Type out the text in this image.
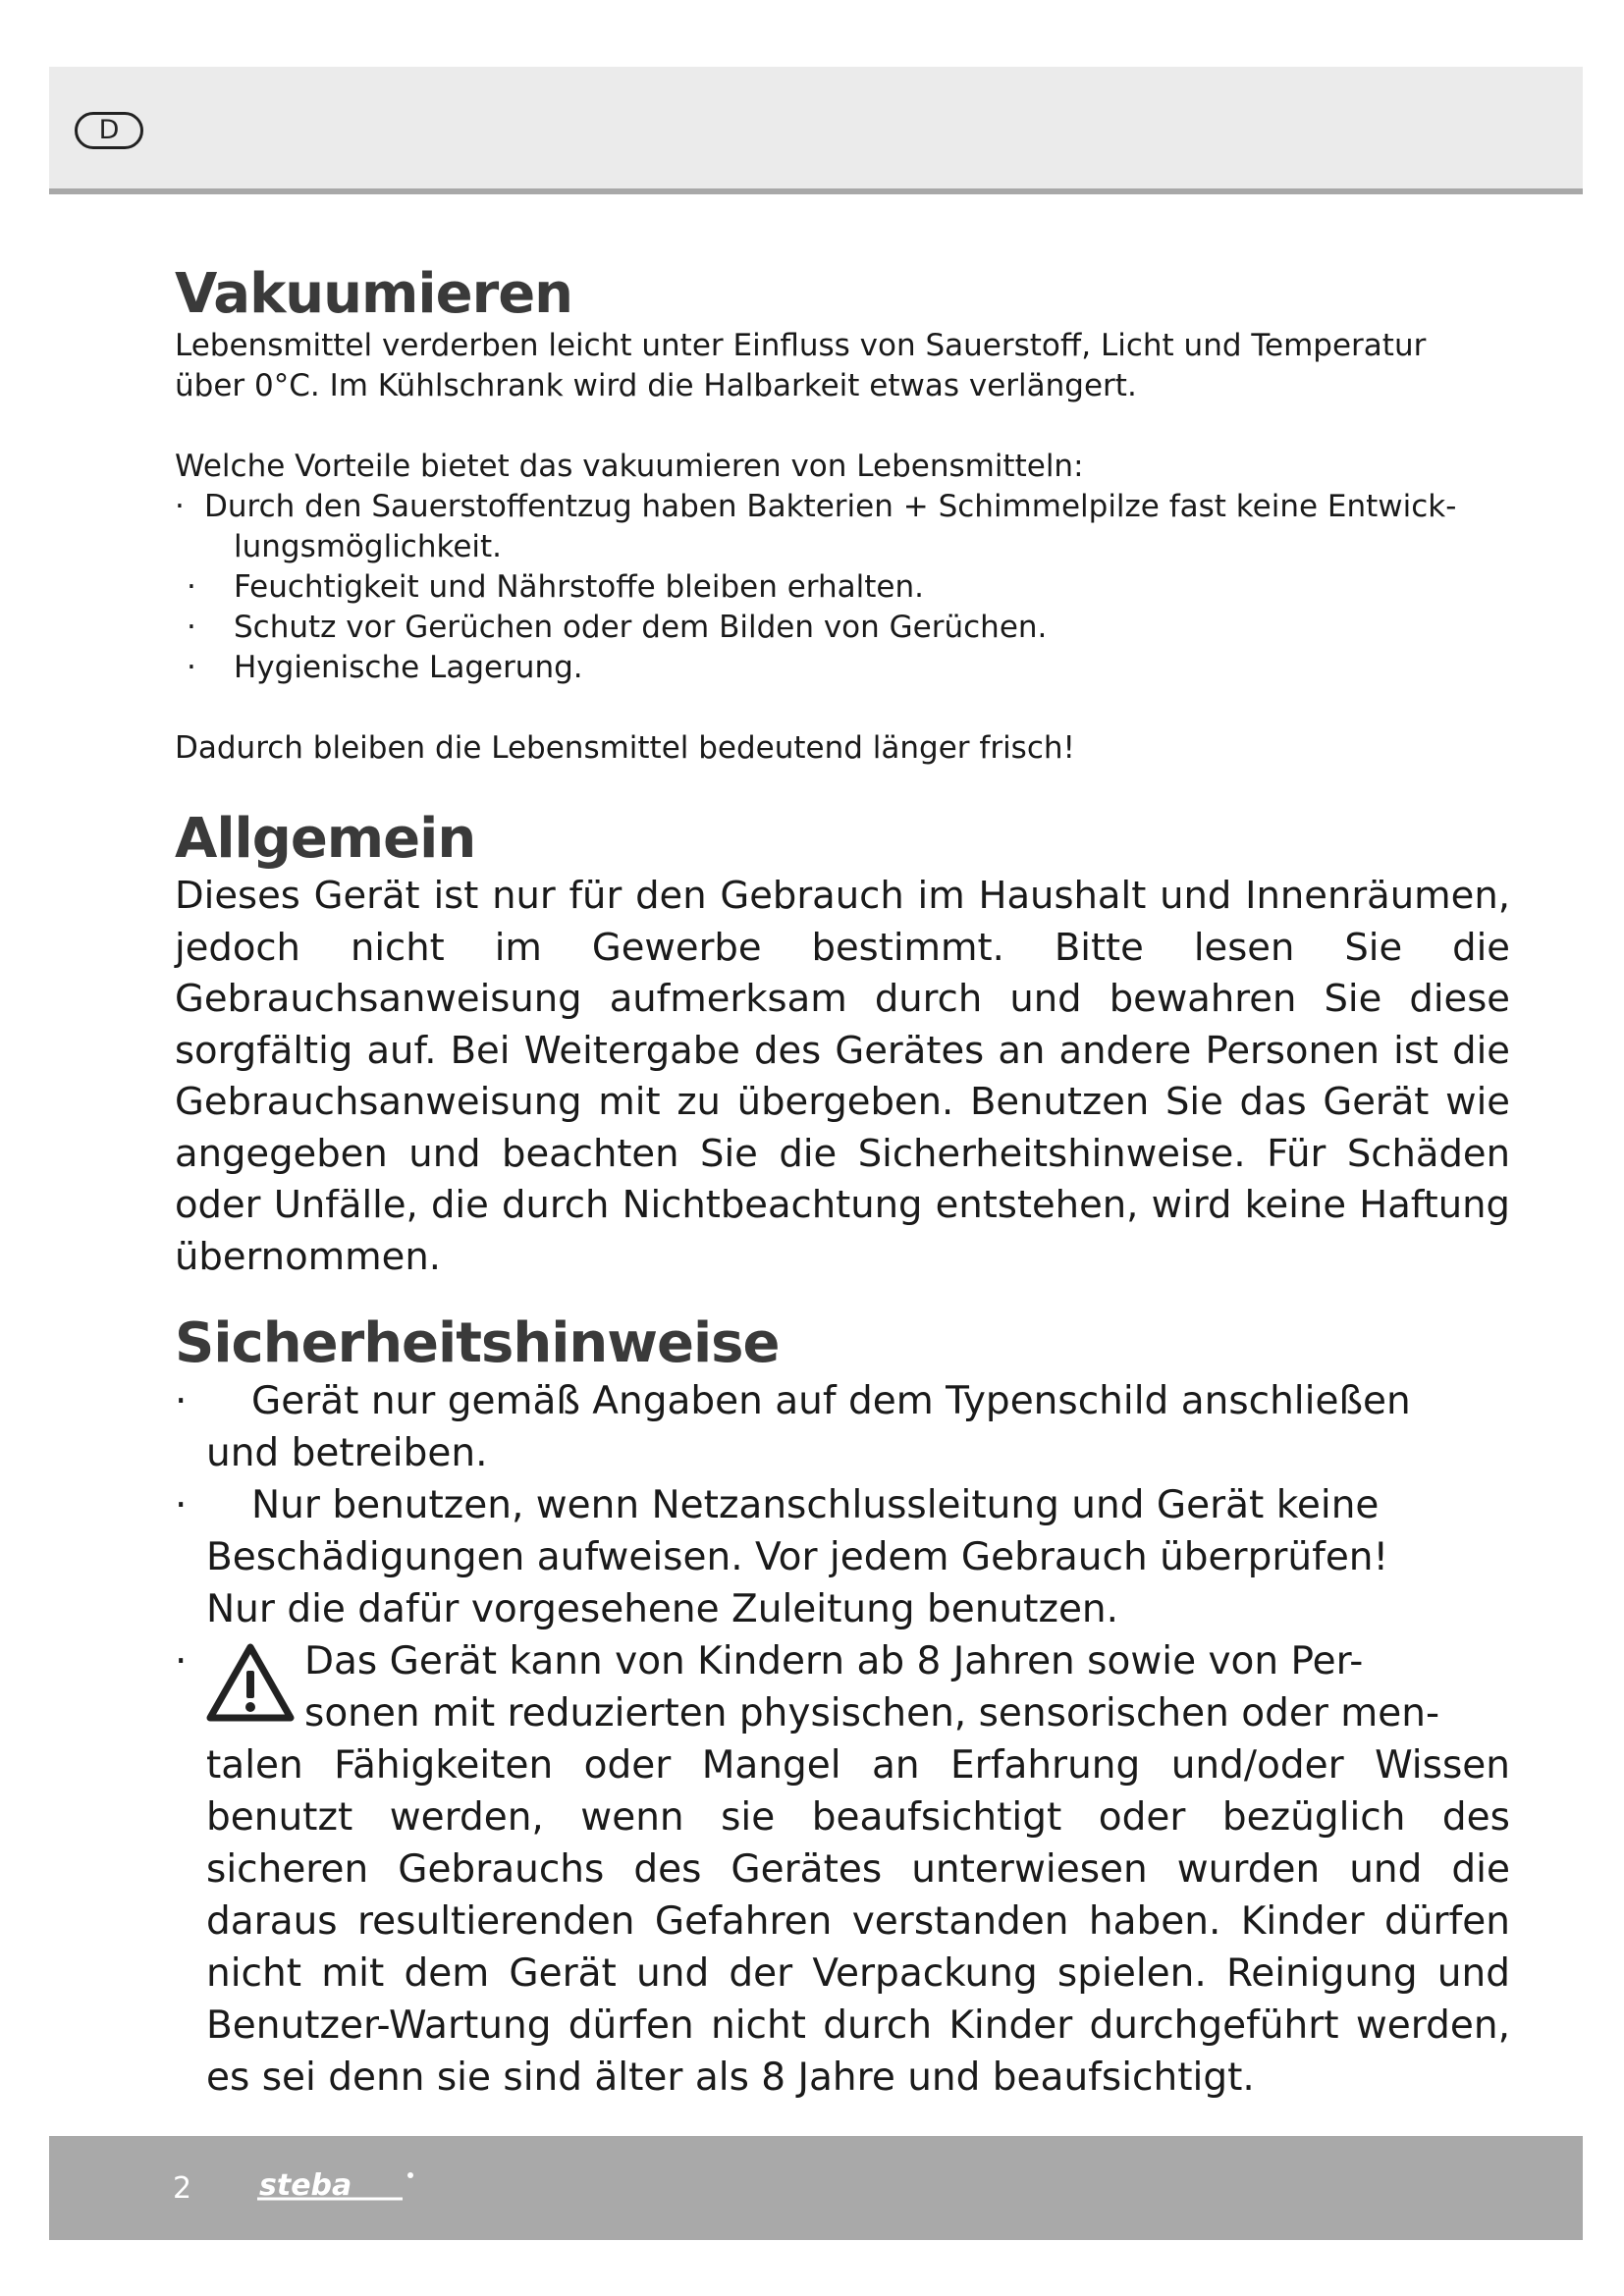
D
Vakuumieren

Lebensmittel verderben leicht unter Einfluss von Sauerstoff, Licht und Temperatur

über 0°C. Im Kühlschrank wird die Halbarkeit etwas verlängert.

Welche Vorteile bietet das vakuumieren von Lebensmitteln:

· Durch den Sauerstoffentzug haben Bakterien + Schimmelpilze fast keine Entwick-
lungsmöglichkeit.
· Feuchtigkeit und Nährstoffe bleiben erhalten.
· Schutz vor Gerüchen oder dem Bilden von Gerüchen.
· Hygienische Lagerung.

Dadurch bleiben die Lebensmittel bedeutend länger frisch!

Allgemein

Dieses Gerät ist nur für den Gebrauch im Haushalt und Innenräumen, jedoch nicht im Gewerbe bestimmt. Bitte lesen Sie die Gebrauchsanweisung aufmerksam durch und bewahren Sie diese sorgfältig auf. Bei Weitergabe des Gerätes an andere Personen ist die Gebrauchsanweisung mit zu übergeben. Benutzen Sie das Gerät wie angegeben und beachten Sie die Sicherheitshinweise. Für Schäden oder Unfälle, die durch Nichtbeachtung entstehen, wird keine Haftung übernommen.

Sicherheitshinweise
·	Gerät nur gemäß Angaben auf dem Typenschild anschließen
und betreiben.
·	Nur benutzen, wenn Netzanschlussleitung und Gerät keine
Beschädigungen aufweisen. Vor jedem Gebrauch überprüfen!
Nur die dafür vorgesehene Zuleitung benutzen.
·	Das Gerät kann von Kindern ab 8 Jahren sowie von Per-
sonen mit reduzierten physischen, sensorischen oder men-
talen Fähigkeiten oder Mangel an Erfahrung und/oder Wissen benutzt werden, wenn sie beaufsichtigt oder bezüglich des sicheren Gebrauchs des Gerätes unterwiesen wurden und die daraus resultierenden Gefahren verstanden haben. Kinder dürfen nicht mit dem Gerät und der Verpackung spielen. Reinigung und Benutzer-Wartung dürfen nicht durch Kinder durchgeführt werden, es sei denn sie sind älter als 8 Jahre und beaufsichtigt.
2 steba
